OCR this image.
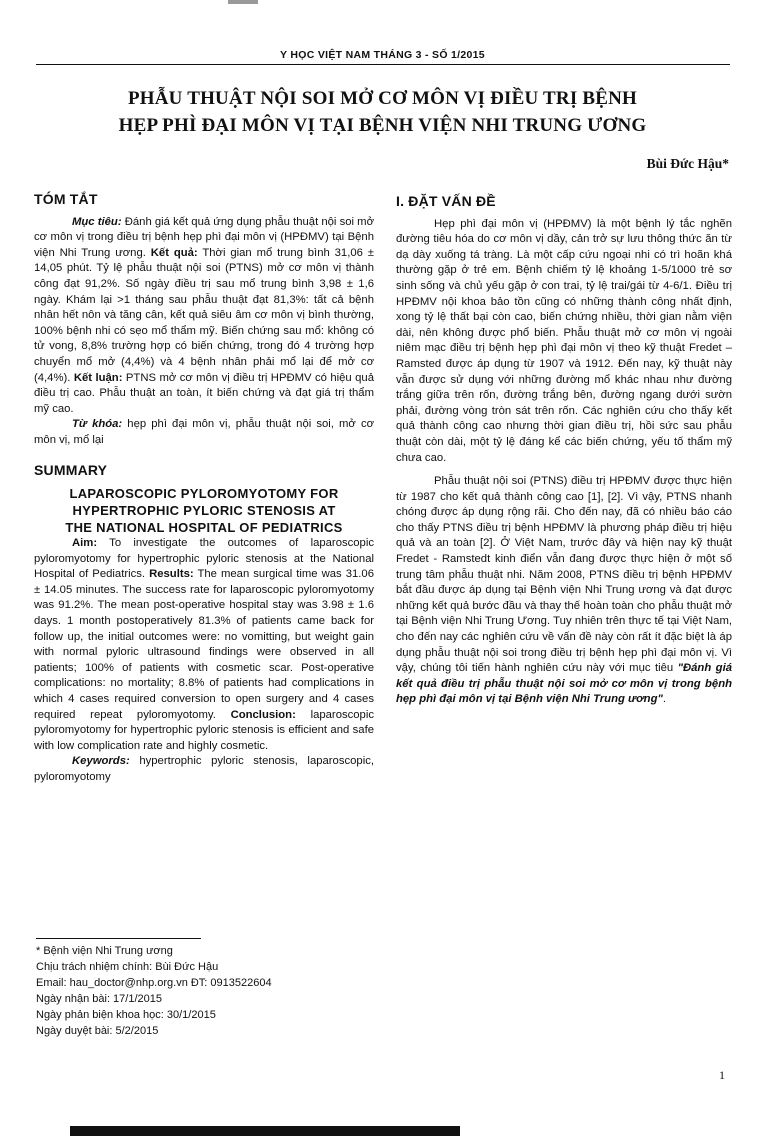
Y HỌC VIỆT NAM THÁNG 3 - SỐ 1/2015
PHẪU THUẬT NỘI SOI MỞ CƠ MÔN VỊ ĐIỀU TRỊ BỆNH
HẸP PHÌ ĐẠI MÔN VỊ TẠI BỆNH VIỆN NHI TRUNG ƯƠNG
Bùi Đức Hậu*
TÓM TẮT

Mục tiêu: Đánh giá kết quả ứng dụng phẫu thuật nội soi mở cơ môn vị trong điều trị bệnh hẹp phì đại môn vị (HPĐMV) tại Bệnh viện Nhi Trung ương. Kết quả: Thời gian mổ trung bình 31,06 ± 14,05 phút. Tỷ lệ phẫu thuật nội soi (PTNS) mở cơ môn vị thành công đạt 91,2%. Số ngày điều trị sau mổ trung bình 3,98 ± 1,6 ngày. Khám lại >1 tháng sau phẫu thuật đạt 81,3%: tất cả bệnh nhân hết nôn và tăng cân, kết quả siêu âm cơ môn vị bình thường, 100% bệnh nhi có sẹo mổ thẩm mỹ. Biến chứng sau mổ: không có tử vong, 8,8% trường hợp có biến chứng, trong đó 4 trường hợp chuyển mổ mở (4,4%) và 4 bệnh nhân phải mổ lại để mở cơ (4,4%). Kết luận: PTNS mở cơ môn vị điều trị HPĐMV có hiệu quả điều trị cao. Phẫu thuật an toàn, ít biến chứng và đạt giá trị thẩm mỹ cao.

Từ khóa: hẹp phì đại môn vị, phẫu thuật nội soi, mở cơ môn vị, mổ lại

SUMMARY
LAPAROSCOPIC PYLOROMYOTOMY FOR
HYPERTROPHIC PYLORIC STENOSIS AT
THE NATIONAL HOSPITAL OF PEDIATRICS

Aim: To investigate the outcomes of laparoscopic pyloromyotomy for hypertrophic pyloric stenosis at the National Hospital of Pediatrics. Results: The mean surgical time was 31.06 ± 14.05 minutes. The success rate for laparoscopic pyloromyotomy was 91.2%. The mean post-operative hospital stay was 3.98 ± 1.6 days. 1 month postoperatively 81.3% of patients came back for follow up, the initial outcomes were: no vomitting, but weight gain with normal pyloric ultrasound findings were observed in all patients; 100% of patients with cosmetic scar. Post-operative complications: no mortality; 8.8% of patients had complications in which 4 cases required conversion to open surgery and 4 cases required repeat pyloromyotomy. Conclusion: laparoscopic pyloromyotomy for hypertrophic pyloric stenosis is efficient and safe with low complication rate and highly cosmetic.

Keywords: hypertrophic pyloric stenosis, laparoscopic, pyloromyotomy

* Bệnh viện Nhi Trung ương
Chịu trách nhiệm chính: Bùi Đức Hậu
Email: hau_doctor@nhp.org.vn ĐT: 0913522604
Ngày nhận bài: 17/1/2015
Ngày phản biện khoa học: 30/1/2015
Ngày duyệt bài: 5/2/2015
I. ĐẶT VẤN ĐỀ

Hẹp phì đại môn vị (HPĐMV) là một bệnh lý tắc nghẽn đường tiêu hóa do cơ môn vị dầy, cản trở sự lưu thông thức ăn từ dạ dày xuống tá tràng. Là một cấp cứu ngoại nhi có trì hoãn khá thường gặp ở trẻ em. Bệnh chiếm tỷ lệ khoảng 1-5/1000 trẻ sơ sinh sống và chủ yếu gặp ở con trai, tỷ lệ trai/gái từ 4-6/1. Điều trị HPĐMV nội khoa bảo tồn cũng có những thành công nhất định, xong tỷ lệ thất bại còn cao, biến chứng nhiều, thời gian nằm viện dài, nên không được phổ biến. Phẫu thuật mở cơ môn vị ngoài niêm mạc điều trị bệnh hẹp phì đại môn vị theo kỹ thuật Fredet – Ramsted được áp dụng từ 1907 và 1912. Đến nay, kỹ thuật này vẫn được sử dụng với những đường mổ khác nhau như đường trắng giữa trên rốn, đường trắng bên, đường ngang dưới sườn phải, đường vòng tròn sát trên rốn. Các nghiên cứu cho thấy kết quả thành công cao nhưng thời gian điều trị, hồi sức sau phẫu thuật còn dài, một tỷ lệ đáng kể các biến chứng, yếu tố thẩm mỹ chưa cao.

Phẫu thuật nội soi (PTNS) điều trị HPĐMV được thực hiện từ 1987 cho kết quả thành công cao [1], [2]. Vì vậy, PTNS nhanh chóng được áp dụng rộng rãi. Cho đến nay, đã có nhiều báo cáo cho thấy PTNS điều trị bệnh HPĐMV là phương pháp điều trị hiệu quả và an toàn [2]. Ở Việt Nam, trước đây và hiện nay kỹ thuật Fredet - Ramstedt kinh điển vẫn đang được thực hiện ở một số trung tâm phẫu thuật nhi. Năm 2008, PTNS điều trị bệnh HPĐMV bắt đầu được áp dụng tại Bệnh viện Nhi Trung ương và đạt được những kết quả bước đầu và thay thế hoàn toàn cho phẫu thuật mở tại Bệnh viện Nhi Trung Ương. Tuy nhiên trên thực tế tại Việt Nam, cho đến nay các nghiên cứu về vấn đề này còn rất ít đặc biệt là áp dụng phẫu thuật nội soi trong điều trị bệnh hẹp phì đại môn vị. Vì vậy, chúng tôi tiến hành nghiên cứu này với mục tiêu "Đánh giá kết quả điều trị phẫu thuật nội soi mở cơ môn vị trong bệnh hẹp phì đại môn vị tại Bệnh viện Nhi Trung ương".

1
